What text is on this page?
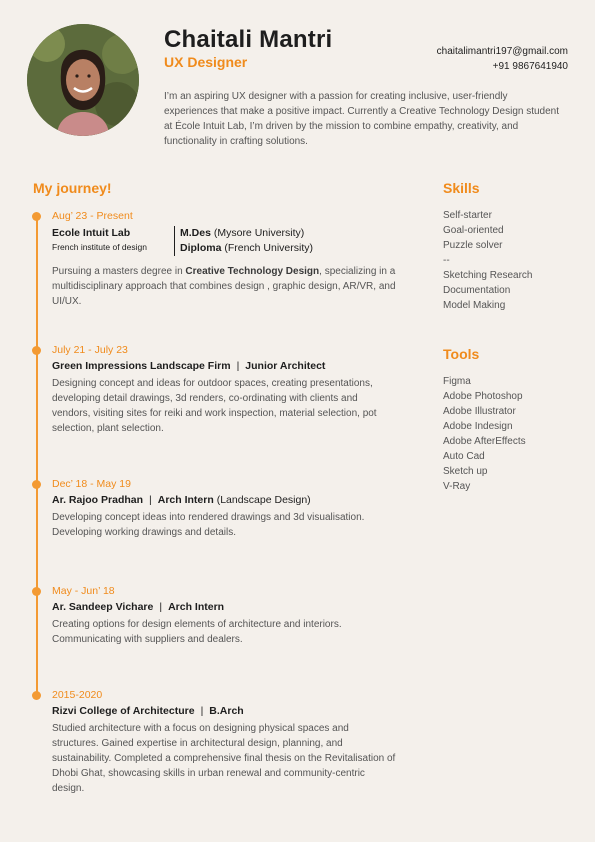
Chaitali Mantri
UX Designer
chaitalimantri197@gmail.com
+91 9867641940
I’m an aspiring UX designer with a passion for creating inclusive, user-friendly experiences that make a positive impact. Currently a Creative Technology Design student at École Intuit Lab, I’m driven by the mission to combine empathy, creativity, and functionality in crafting solutions.
My journey!
Aug’ 23 - Present
Ecole Intuit Lab
French institute of design
M.Des (Mysore University)
Diploma (French University)
Pursuing a masters degree in Creative Technology Design, specializing in a multidisciplinary approach that combines design , graphic design, AR/VR, and UI/UX.
July 21 - July 23
Green Impressions Landscape Firm | Junior Architect
Designing concept and ideas for outdoor spaces, creating presentations, developing detail drawings, 3d renders, co-ordinating with clients and vendors, visiting sites for reiki and work inspection, material selection, pot selection, plant selection.
Dec’ 18 - May 19
Ar. Rajoo Pradhan | Arch Intern (Landscape Design)
Developing concept ideas into rendered drawings and 3d visualisation. Developing working drawings and details.
May - Jun’ 18
Ar. Sandeep Vichare | Arch Intern
Creating options for design elements of architecture and interiors. Communicating with suppliers and dealers.
2015-2020
Rizvi College of Architecture | B.Arch
Studied architecture with a focus on designing physical spaces and structures. Gained expertise in architectural design, planning, and sustainability. Completed a comprehensive final thesis on the Revitalisation of Dhobi Ghat, showcasing skills in urban renewal and community-centric design.
Skills
Self-starter
Goal-oriented
Puzzle solver
--
Sketching Research
Documentation
Model Making
Tools
Figma
Adobe Photoshop
Adobe Illustrator
Adobe Indesign
Adobe AfterEffects
Auto Cad
Sketch up
V-Ray
